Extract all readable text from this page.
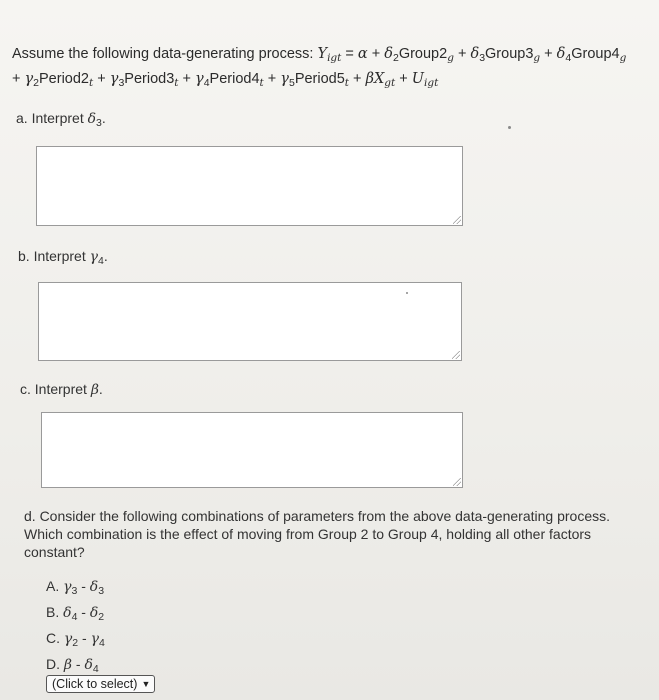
Assume the following data-generating process: $Y_{igt} = \alpha$ + $\delta_2Group2_g$ + $\delta_3Group3_g$ + $\delta_4Group4_g$
+ $\gamma_2Period2_t$ + $\gamma_3Period3_t$ + $\gamma_4Period4_t$ + $\gamma_5Period5_t + \beta X_{gt} + U_{igt}$
a. Interpret $\delta_3$.
b. Interpret $\gamma_4$.
c. Interpret β.
d. Consider the following combinations of parameters from the above data-generating process. Which combination is the effect of moving from Group 2 to Group 4, holding all other factors constant?
A. $\gamma_3 - \delta_3$
B. $\delta_4 - \delta_2$
C. $\gamma_2 - \gamma_4$
D. β - $\delta_4$
(Click to select) ▼
